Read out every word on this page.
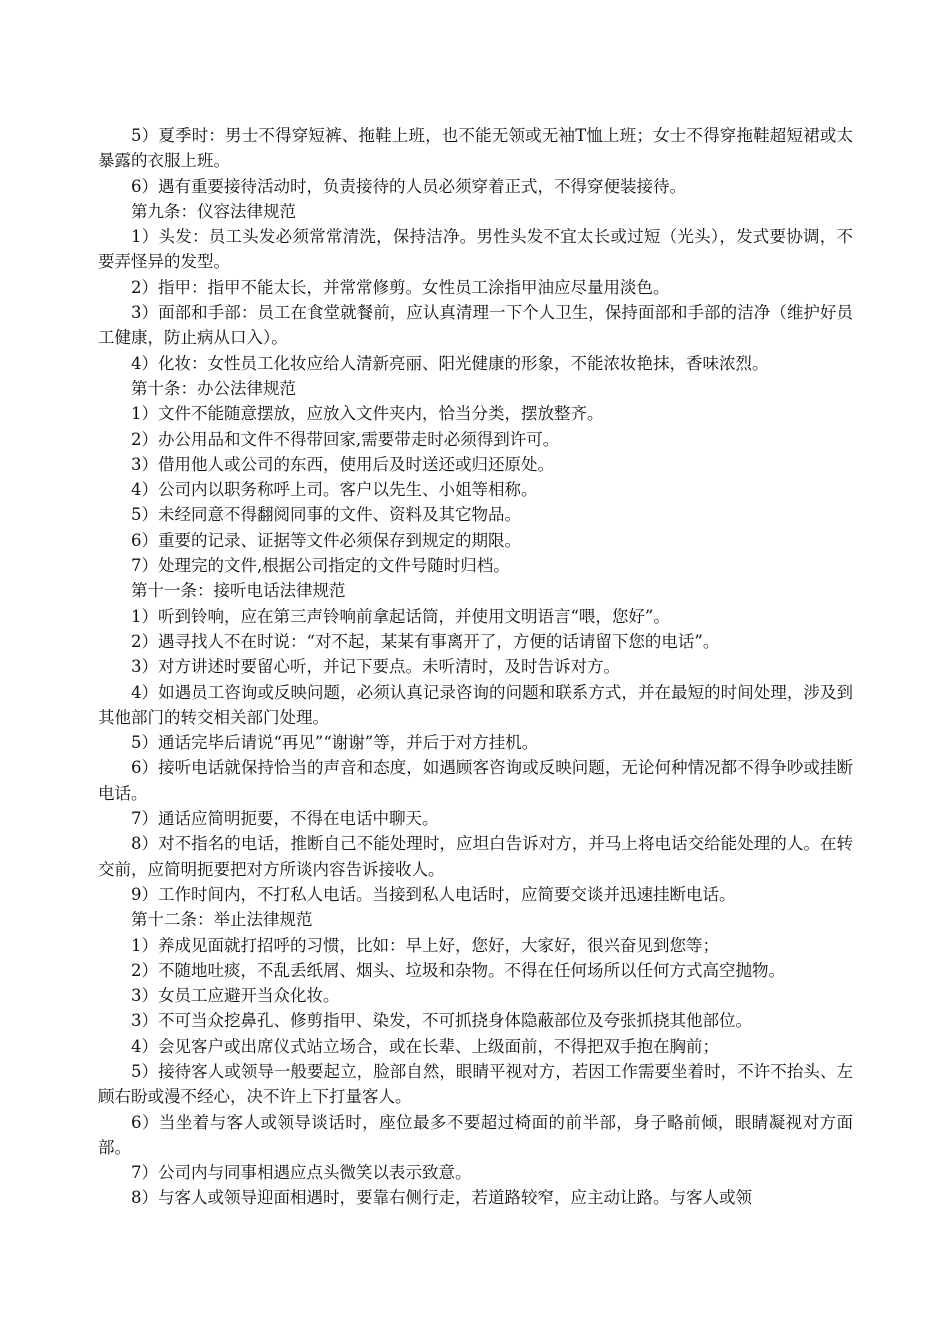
5）夏季时：男士不得穿短裤、拖鞋上班，也不能无领或无袖T恤上班；女士不得穿拖鞋超短裙或太暴露的衣服上班。

6）遇有重要接待活动时，负责接待的人员必须穿着正式，不得穿便装接待。

第九条：仪容法律规范

1）头发：员工头发必须常常清洗，保持洁净。男性头发不宜太长或过短（光头），发式要协调，不要弄怪异的发型。

2）指甲：指甲不能太长，并常常修剪。女性员工涂指甲油应尽量用淡色。

3）面部和手部：员工在食堂就餐前，应认真清理一下个人卫生，保持面部和手部的洁净（维护好员工健康，防止病从口入）。

4）化妆：女性员工化妆应给人清新亮丽、阳光健康的形象，不能浓妆艳抹，香味浓烈。

第十条：办公法律规范

1）文件不能随意摆放，应放入文件夹内，恰当分类，摆放整齐。

2）办公用品和文件不得带回家,需要带走时必须得到许可。

3）借用他人或公司的东西，使用后及时送还或归还原处。

4）公司内以职务称呼上司。客户以先生、小姐等相称。

5）未经同意不得翻阅同事的文件、资料及其它物品。

6）重要的记录、证据等文件必须保存到规定的期限。

7）处理完的文件,根据公司指定的文件号随时归档。

第十一条：接听电话法律规范

1）听到铃响，应在第三声铃响前拿起话筒，并使用文明语言“喂，您好”。

2）遇寻找人不在时说：“对不起，某某有事离开了，方便的话请留下您的电话”。

3）对方讲述时要留心听，并记下要点。未听清时，及时告诉对方。

4）如遇员工咨询或反映问题，必须认真记录咨询的问题和联系方式，并在最短的时间处理，涉及到其他部门的转交相关部门处理。

5）通话完毕后请说“再见”“谢谢”等，并后于对方挂机。

6）接听电话就保持恰当的声音和态度，如遇顾客咨询或反映问题，无论何种情况都不得争吵或挂断电话。

7）通话应简明扼要，不得在电话中聊天。

8）对不指名的电话，推断自己不能处理时，应坦白告诉对方，并马上将电话交给能处理的人。在转交前，应简明扼要把对方所谈内容告诉接收人。

9）工作时间内，不打私人电话。当接到私人电话时，应简要交谈并迅速挂断电话。

第十二条：举止法律规范

1）养成见面就打招呼的习惯，比如：早上好，您好，大家好，很兴奋见到您等；

2）不随地吐痰，不乱丢纸屑、烟头、垃圾和杂物。不得在任何场所以任何方式高空抛物。

3）女员工应避开当众化妆。

3）不可当众挖鼻孔、修剪指甲、染发，不可抓挠身体隐蔽部位及夸张抓挠其他部位。

4）会见客户或出席仪式站立场合，或在长辈、上级面前，不得把双手抱在胸前；

5）接待客人或领导一般要起立，脸部自然，眼睛平视对方，若因工作需要坐着时，不许不抬头、左顾右盼或漫不经心，决不许上下打量客人。

6）当坐着与客人或领导谈话时，座位最多不要超过椅面的前半部，身子略前倾，眼睛凝视对方面部。

7）公司内与同事相遇应点头微笑以表示致意。

8）与客人或领导迎面相遇时，要靠右侧行走，若道路较窄，应主动让路。与客人或领
